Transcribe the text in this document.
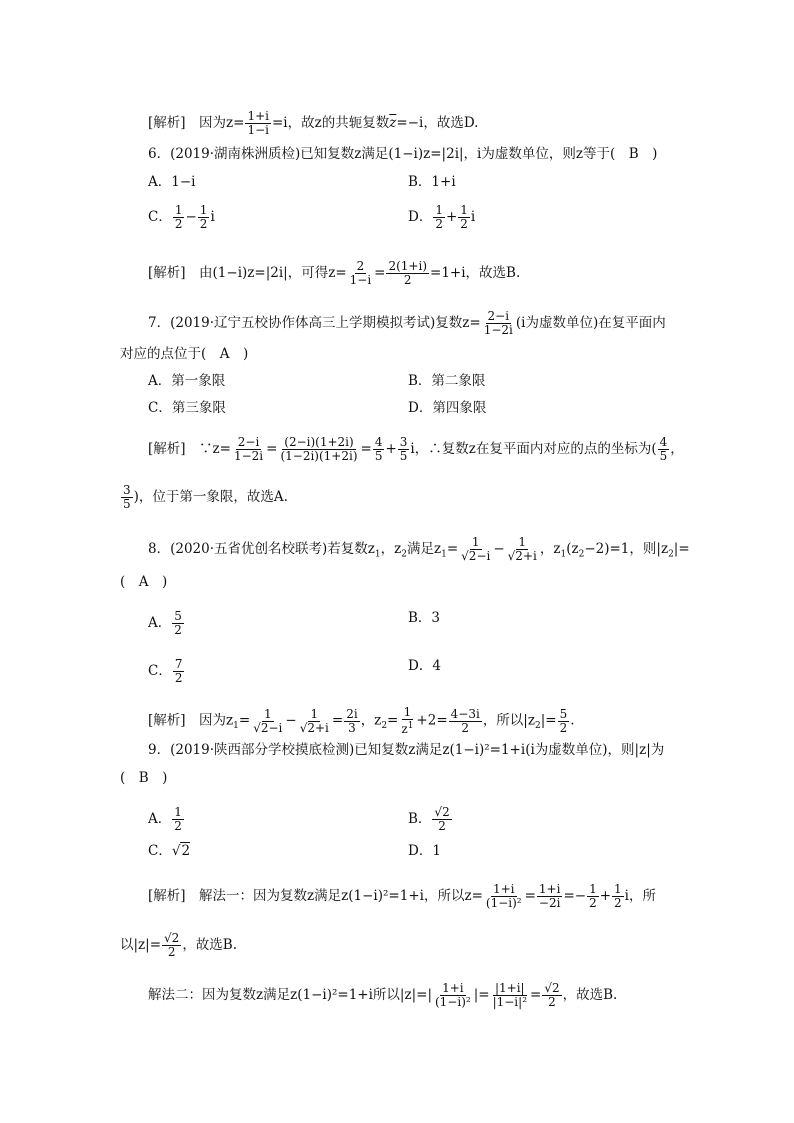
[解析]　因为$z= \frac{1+i}{1-i} =i$，故z的共轭复数$\overline{z}=-i$，故选D.
6．(2019·湖南株洲质检)已知复数z满足(1−i)z=|2i|，i为虚数单位，则z等于(　B　)
A．1−i	B．1+i
C． $\frac{1}{2} - \frac{1}{2}$ i	D． $\frac{1}{2} + \frac{1}{2}$ i
[解析]　由(1−i)z=|2i|，可得$z= \frac{2}{1-i} = \frac{2(1+i)}{2} =1+i$，故选B.
7．(2019·辽宁五校协作体高三上学期模拟考试)复数$z= \frac{2-i}{1-2i} (i$为虚数单位)在复平面内
对应的点位于(　A　)
A．第一象限	B．第二象限
C．第三象限	D．第四象限
[解析]　∵z= $\frac{2-i}{1-2i} = \frac{(2-i)(1+2i)}{(1-2i)(1+2i)} = \frac{4}{5} + \frac{3}{5}$ i，∴复数z在复平面内对应的点的坐标为( $\frac{4}{5}$ ，
$\frac{3}{5}$ )，位于第一象限，故选A.
8．(2020·五省优创名校联考)若复数$z_1$，$z_2$满足$z_1= \frac{1}{√2-i} - \frac{1}{√2+i}$ ，$z_1(z_2-2)=1$，则$|z_2|=$
(　A　)
A． $\frac{5}{2}$	B．3
C． $\frac{7}{2}$	D．4
[解析]　因为$z_1= \frac{1}{√2-i} - \frac{1}{√2+i} = \frac{2i}{3}$ ，$z_2= \frac{1}{z^1} +2= \frac{4-3i}{2}$ ，所以$|z_2|= \frac{5}{2}$ .
9．(2019·陕西部分学校摸底检测)已知复数z满足z(1−i)²=1+i(i为虚数单位)，则|z|为
(　B　)
A． $\frac{1}{2}$	B． $\frac{√2}{2}$
C．√2	D．1
[解析]　解法一：因为复数z满足z(1−i)²=1+i，所以$z= \frac{1+i}{\text{(1−i)²}} = \frac{1+i}{-2i} =- \frac{1}{2} + \frac{1}{2}$ i，所
以$|z|= \frac{√2}{2}$ ，故选B.
解法二：因为复数z满足z(1−i)²=1+i所以$|z|=| \frac{1+i}{\text{(1−i)²}}$ |= $\frac{|1+i|}{\text{|1−i|²}} = \frac{√2}{2}$ ，故选B.
